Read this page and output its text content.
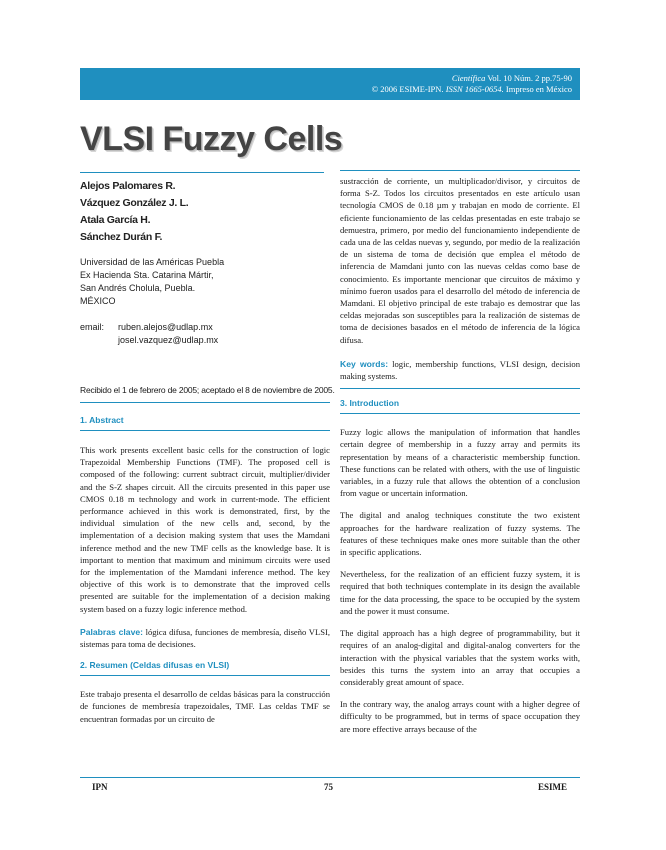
Científica Vol. 10 Núm. 2 pp.75-90
© 2006 ESIME-IPN. ISSN 1665-0654. Impreso en México
VLSI Fuzzy Cells
Alejos Palomares R.
Vázquez González J. L.
Atala García H.
Sánchez Durán F.
Universidad de las Américas Puebla
Ex Hacienda Sta. Catarina Mártir,
San Andrés Cholula, Puebla.
MÉXICO
email:	ruben.alejos@udlap.mx
josel.vazquez@udlap.mx
Recibido el 1 de febrero de 2005; aceptado el 8 de noviembre de 2005.
1. Abstract

This work presents excellent basic cells for the construction of logic Trapezoidal Membership Functions (TMF). The proposed cell is composed of the following: current subtract circuit, multiplier/divider and the S-Z shapes circuit. All the circuits presented in this paper use CMOS 0.18 m technology and work in current-mode. The efficient performance achieved in this work is demonstrated, first, by the individual simulation of the new cells and, second, by the implementation of a decision making system that uses the Mamdani inference method and the new TMF cells as the knowledge base. It is important to mention that maximum and minimum circuits were used for the implementation of the Mamdani inference method. The key objective of this work is to demonstrate that the improved cells presented are suitable for the implementation of a decision making system based on a fuzzy logic inference method.

Palabras clave: lógica difusa, funciones de membresía, diseño VLSI, sistemas para toma de decisiones.

2. Resumen (Celdas difusas en VLSI)

Este trabajo presenta el desarrollo de celdas básicas para la construcción de funciones de membresía trapezoidales, TMF. Las celdas TMF se encuentran formadas por un circuito de

sustracción de corriente, un multiplicador/divisor, y circuitos de forma S-Z. Todos los circuitos presentados en este artículo usan tecnología CMOS de 0.18 µm y trabajan en modo de corriente. El eficiente funcionamiento de las celdas presentadas en este trabajo se demuestra, primero, por medio del funcionamiento independiente de cada una de las celdas nuevas y, segundo, por medio de la realización de un sistema de toma de decisión que emplea el método de inferencia de Mamdani junto con las nuevas celdas como base de conocimiento. Es importante mencionar que circuitos de máximo y mínimo fueron usados para el desarrollo del método de inferencia de Mamdani. El objetivo principal de este trabajo es demostrar que las celdas mejoradas son susceptibles para la realización de sistemas de toma de decisiones basados en el método de inferencia de la lógica difusa.

Key words: logic, membership functions, VLSI design, decision making systems.

3. Introduction

Fuzzy logic allows the manipulation of information that handles certain degree of membership in a fuzzy array and permits its representation by means of a characteristic membership function. These functions can be related with others, with the use of linguistic variables, in a fuzzy rule that allows the obtention of a conclusion from vague or uncertain information.

The digital and analog techniques constitute the two existent approaches for the hardware realization of fuzzy systems. The features of these techniques make ones more suitable than the other in specific applications.

Nevertheless, for the realization of an efficient fuzzy system, it is required that both techniques contemplate in its design the available time for the data processing, the space to be occupied by the system and the power it must consume.

The digital approach has a high degree of programmability, but it requires of an analog-digital and digital-analog converters for the interaction with the physical variables that the system works with, besides this turns the system into an array that occupies a considerably great amount of space.

In the contrary way, the analog arrays count with a higher degree of difficulty to be programmed, but in terms of space occupation they are more effective arrays because of the

IPN	75	ESIME
